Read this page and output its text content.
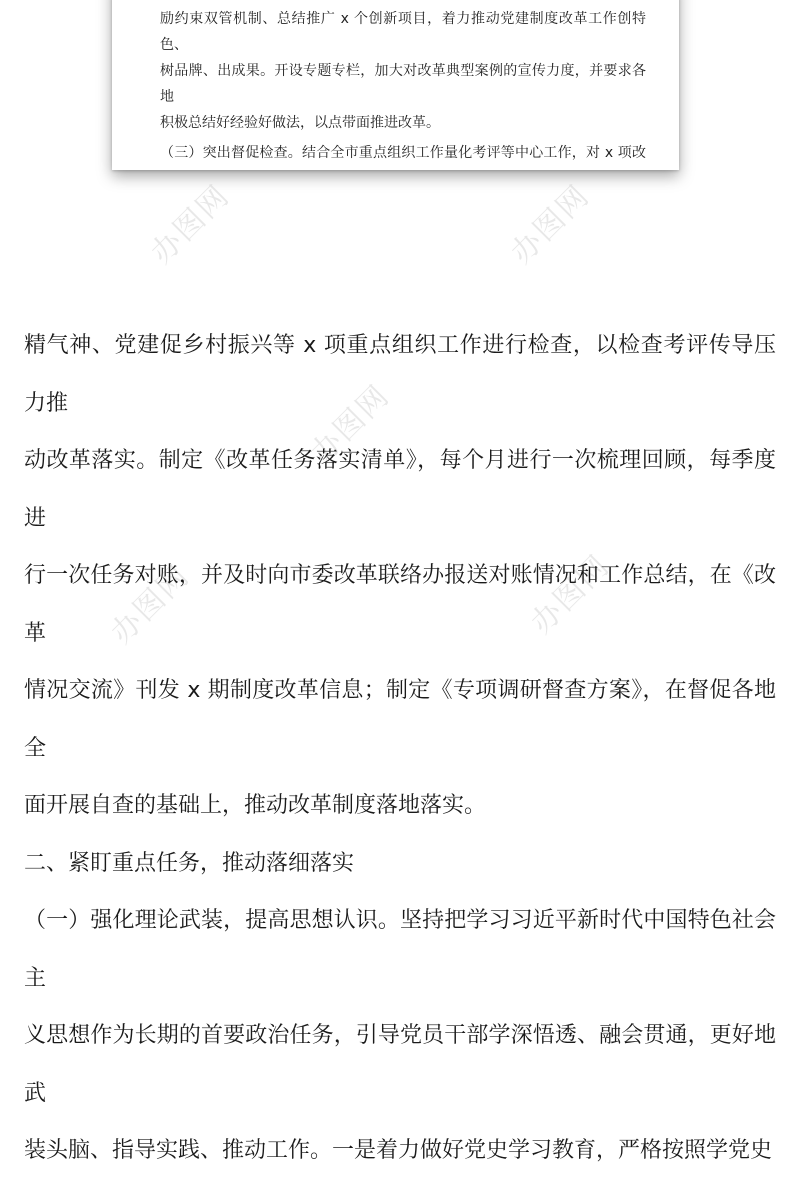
励约束双管机制、总结推广 x 个创新项目，着力推动党建制度改革工作创特色、

树品牌、出成果。开设专题专栏，加大对改革典型案例的宣传力度，并要求各地

积极总结好经验好做法，以点带面推进改革。

（三）突出督促检查。结合全市重点组织工作量化考评等中心工作，对 x 项改

办图网	办图网
办图网
办图网	办图网

精气神、党建促乡村振兴等 x 项重点组织工作进行检查，以检查考评传导压力推

动改革落实。制定《改革任务落实清单》，每个月进行一次梳理回顾，每季度进

行一次任务对账，并及时向市委改革联络办报送对账情况和工作总结，在《改革

情况交流》刊发 x 期制度改革信息；制定《专项调研督查方案》，在督促各地全

面开展自查的基础上，推动改革制度落地落实。

二、紧盯重点任务，推动落细落实

（一）强化理论武装，提高思想认识。坚持把学习习近平新时代中国特色社会主

义思想作为长期的首要政治任务，引导党员干部学深悟透、融会贯通，更好地武

装头脑、指导实践、推动工作。一是着力做好党史学习教育，严格按照学党史
